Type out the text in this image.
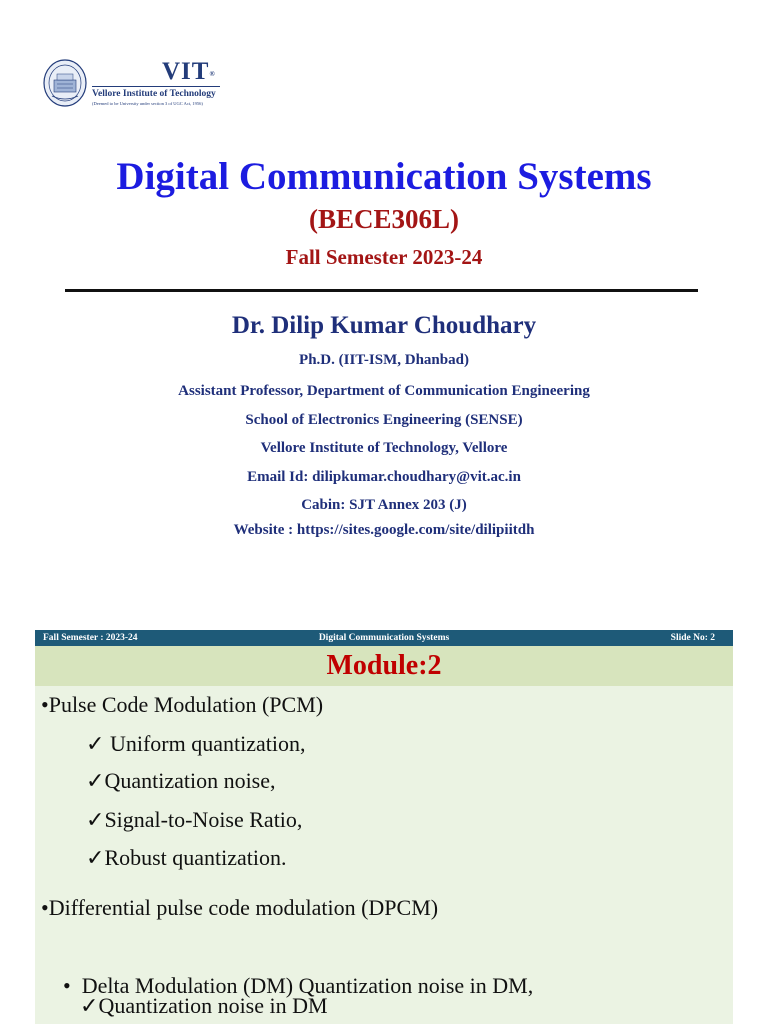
VIT®
Vellore Institute of Technology
(Deemed to be University under section 3 of UGC Act, 1956)
Digital Communication Systems
(BECE306L)
Fall Semester 2023-24
Dr. Dilip Kumar Choudhary
Ph.D. (IIT-ISM, Dhanbad)
Assistant Professor, Department of Communication Engineering
School of Electronics Engineering (SENSE)
Vellore Institute of Technology, Vellore
Email Id: dilipkumar.choudhary@vit.ac.in
Cabin: SJT Annex 203 (J)
Website : https://sites.google.com/site/dilipiitdh
Fall Semester : 2023-24	Digital Communication Systems	Slide No: 2
Module:2
•Pulse Code Modulation (PCM)
✓ Uniform quantization,
✓Quantization noise,
✓Signal-to-Noise Ratio,
✓Robust quantization.
•Differential pulse code modulation (DPCM)

•  Delta Modulation (DM) Quantization noise in DM,

✓Quantization noise in DM
